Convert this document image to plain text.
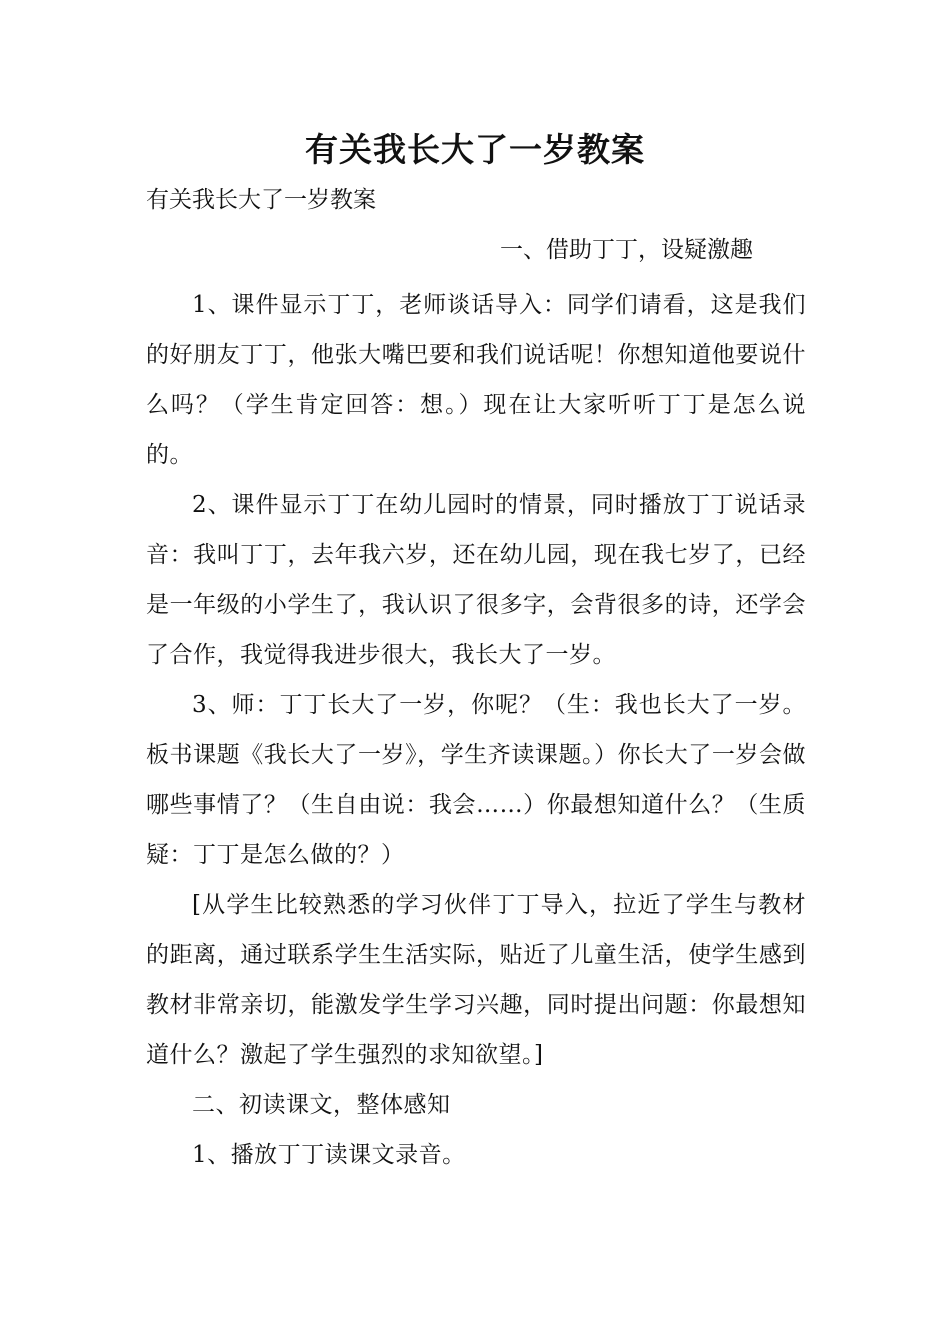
有关我长大了一岁教案
有关我长大了一岁教案
一、借助丁丁，设疑激趣

1、课件显示丁丁，老师谈话导入：同学们请看，这是我们的好朋友丁丁，他张大嘴巴要和我们说话呢！你想知道他要说什么吗？（学生肯定回答：想。）现在让大家听听丁丁是怎么说的。

2、课件显示丁丁在幼儿园时的情景，同时播放丁丁说话录音：我叫丁丁，去年我六岁，还在幼儿园，现在我七岁了，已经是一年级的小学生了，我认识了很多字，会背很多的诗，还学会了合作，我觉得我进步很大，我长大了一岁。

3、师：丁丁长大了一岁，你呢？（生：我也长大了一岁。板书课题《我长大了一岁》，学生齐读课题。）你长大了一岁会做哪些事情了？（生自由说：我会……）你最想知道什么？（生质疑：丁丁是怎么做的？）

[从学生比较熟悉的学习伙伴丁丁导入，拉近了学生与教材的距离，通过联系学生生活实际，贴近了儿童生活，使学生感到教材非常亲切，能激发学生学习兴趣，同时提出问题：你最想知道什么？激起了学生强烈的求知欲望。]

二、初读课文，整体感知

1、播放丁丁读课文录音。
